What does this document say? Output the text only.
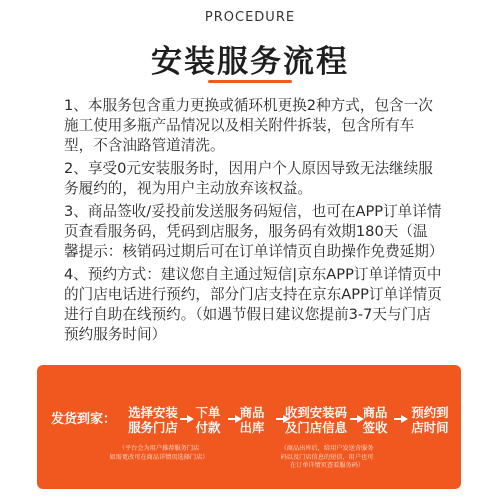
PROCEDURE
安装服务流程

1、本服务包含重力更换或循环机更换2种方式，包含一次施工使用多瓶产品情况以及相关附件拆装，包含所有车型，不含油路管道清洗。

2、享受0元安装服务时，因用户个人原因导致无法继续服务履约的，视为用户主动放弃该权益。

3、商品签收/妥投前发送服务码短信，也可在APP订单详情页查看服务码，凭码到店服务，服务码有效期180天（温馨提示：核销码过期后可在订单详情页自助操作免费延期）

4、预约方式：建议您自主通过短信|京东APP订单详情页中的门店电话进行预约，部分门店支持在京东APP订单详情页进行自助在线预约。（如遇节假日建议您提前3-7天与门店预约服务时间）

发货到家： 选择安装
服务门店
下单
付款
商品
出库
收到安装码
及门店信息
商品
签收
预约到
店时间
（平台会为用户推荐服务门店
如需更改可在商品详情页选择门店）
（商品出库后，给用户发送含服务
码以及门店信息的短信，用户也可
在订单详情页查看服务码）
